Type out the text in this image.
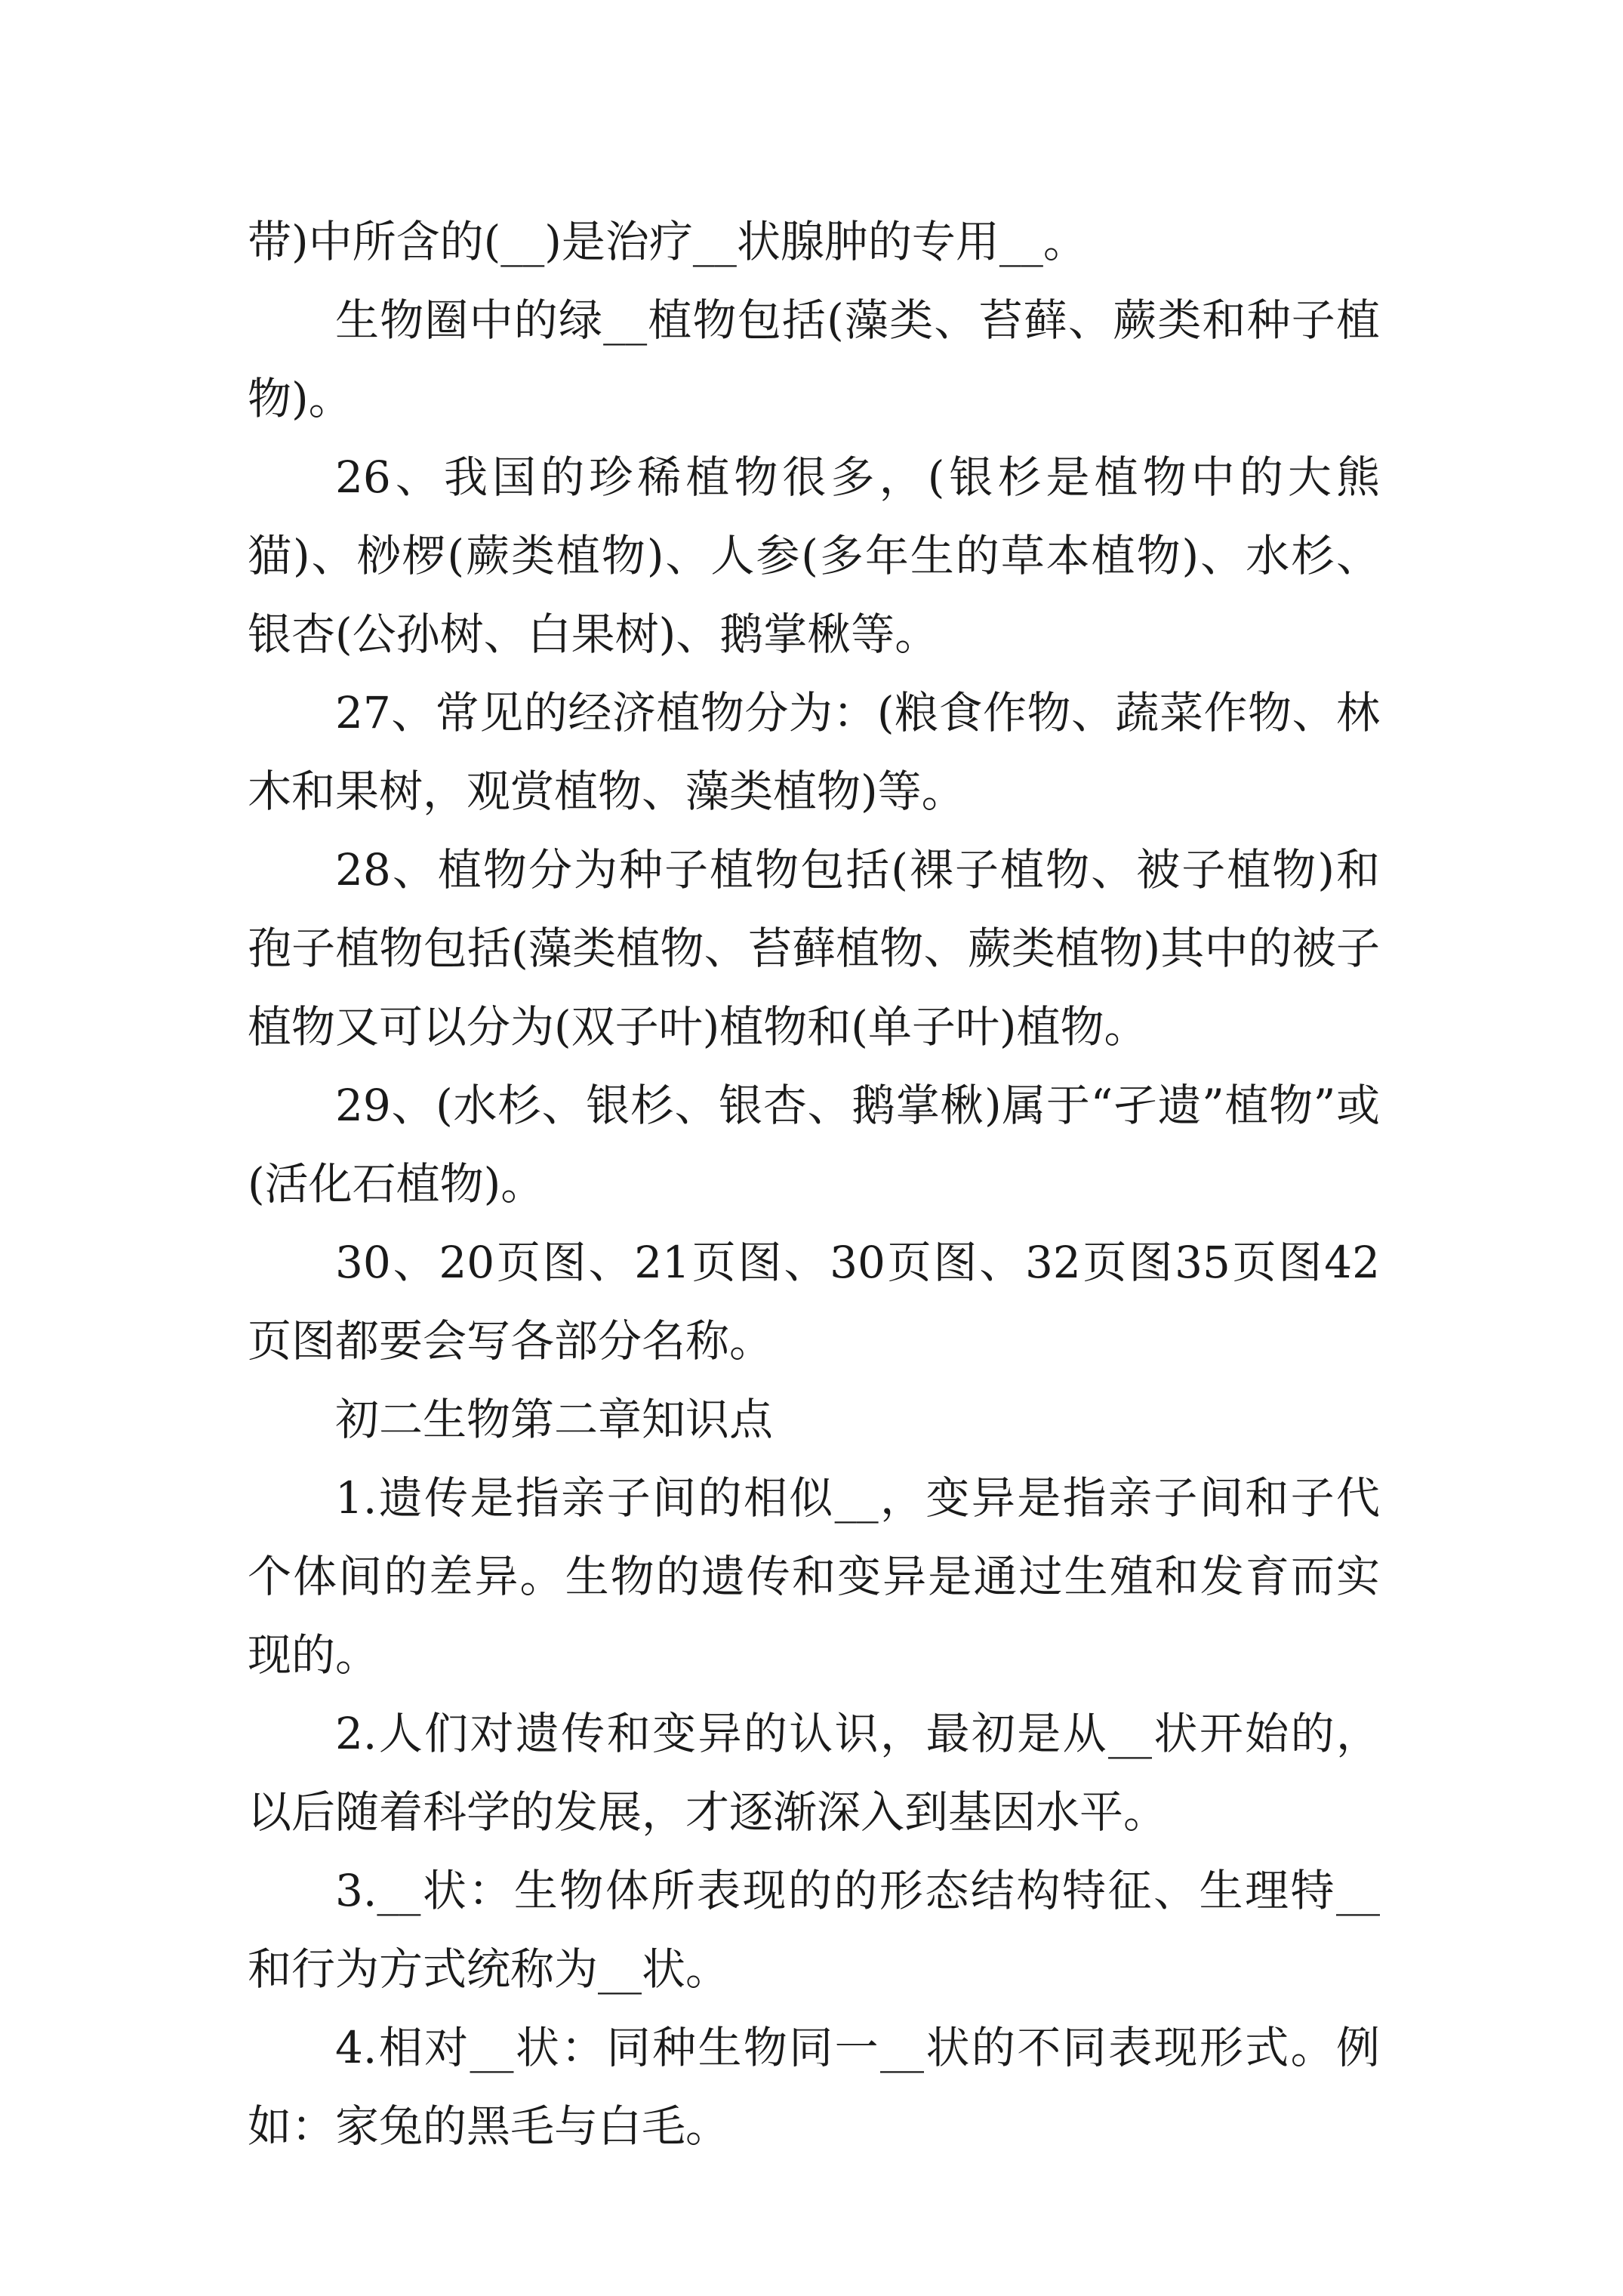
带)中所含的(__)是治疗__状腺肿的专用__。

生物圈中的绿__植物包括(藻类、苔藓、蕨类和种子植物)。

26、我国的珍稀植物很多，(银杉是植物中的大熊猫)、桫椤(蕨类植物)、人参(多年生的草本植物)、水杉、银杏(公孙树、白果树)、鹅掌楸等。

27、常见的经济植物分为：(粮食作物、蔬菜作物、林木和果树，观赏植物、藻类植物)等。

28、植物分为种子植物包括(裸子植物、被子植物)和孢子植物包括(藻类植物、苔藓植物、蕨类植物)其中的被子植物又可以分为(双子叶)植物和(单子叶)植物。

29、(水杉、银杉、银杏、鹅掌楸)属于“孑遗”植物”或(活化石植物)。

30、20页图、21页图、30页图、32页图35页图42页图都要会写各部分名称。

初二生物第二章知识点

1.遗传是指亲子间的相似__，变异是指亲子间和子代个体间的差异。生物的遗传和变异是通过生殖和发育而实现的。

2.人们对遗传和变异的认识，最初是从__状开始的，以后随着科学的发展，才逐渐深入到基因水平。

3.__状：生物体所表现的的形态结构特征、生理特__和行为方式统称为__状。

4.相对__状：同种生物同一__状的不同表现形式。例如：家兔的黑毛与白毛。
